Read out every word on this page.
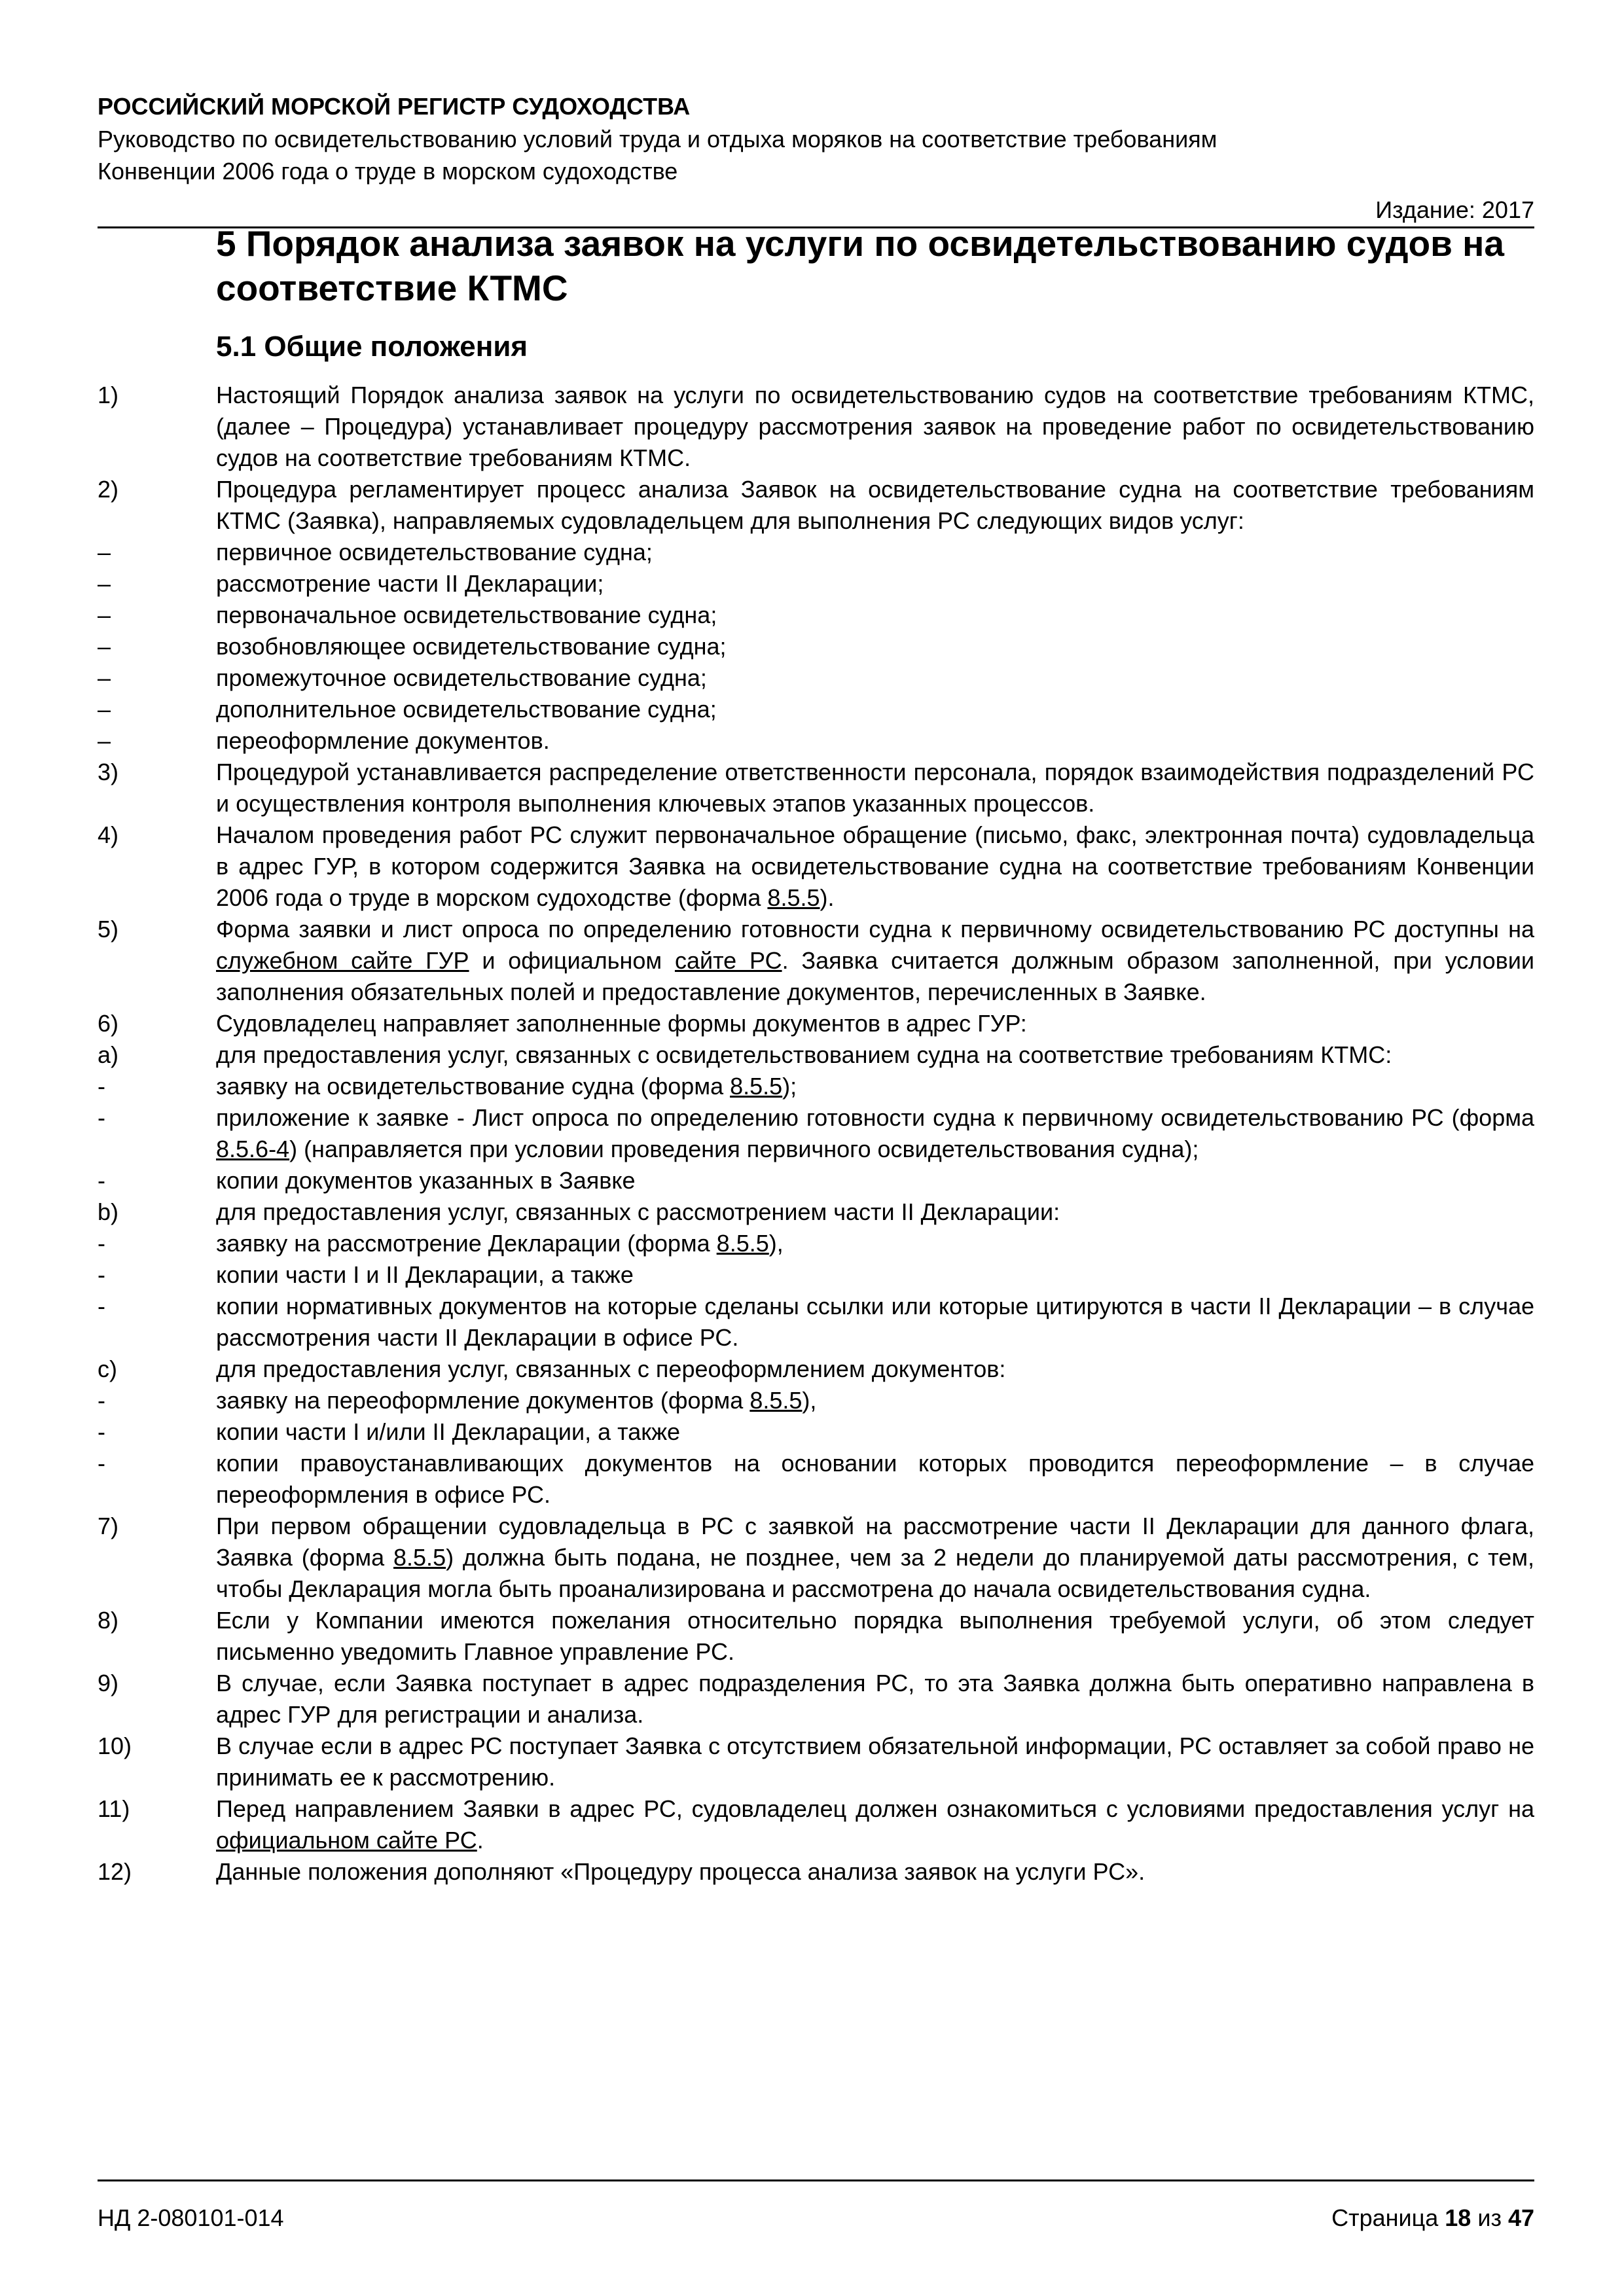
РОССИЙСКИЙ МОРСКОЙ РЕГИСТР СУДОХОДСТВА
Руководство по освидетельствованию условий труда и отдыха моряков на соответствие требованиям
Конвенции 2006 года о труде в морском судоходстве
Издание: 2017
5 Порядок анализа заявок на услуги по освидетельствованию судов на соответствие КТМС
5.1 Общие положения
1)	Настоящий Порядок анализа заявок на услуги по освидетельствованию судов на соответствие требованиям КТМС, (далее – Процедура) устанавливает процедуру рассмотрения заявок на проведение работ по освидетельствованию судов на соответствие требованиям КТМС.
2)	Процедура регламентирует процесс анализа Заявок на освидетельствование судна на соответствие требованиям КТМС (Заявка), направляемых судовладельцем для выполнения РС следующих видов услуг:
–	первичное освидетельствование судна;
–	рассмотрение части II Декларации;
–	первоначальное освидетельствование судна;
–	возобновляющее освидетельствование судна;
–	промежуточное освидетельствование судна;
–	дополнительное освидетельствование судна;
–	переоформление документов.
3)	Процедурой устанавливается распределение ответственности персонала, порядок взаимодействия подразделений РС и осуществления контроля выполнения ключевых этапов указанных процессов.
4)	Началом проведения работ РС служит первоначальное обращение (письмо, факс, электронная почта) судовладельца в адрес ГУР, в котором содержится Заявка на освидетельствование судна на соответствие требованиям Конвенции 2006 года о труде в морском судоходстве (форма 8.5.5).
5)	Форма заявки и лист опроса по определению готовности судна к первичному освидетельствованию РС доступны на служебном сайте ГУР и официальном сайте РС. Заявка считается должным образом заполненной, при условии заполнения обязательных полей и предоставление документов, перечисленных в Заявке.
6)	Судовладелец направляет заполненные формы документов в адрес ГУР:
a)	для предоставления услуг, связанных с освидетельствованием судна на соответствие требованиям КТМС:
-	заявку на освидетельствование судна (форма 8.5.5);
-	приложение к заявке - Лист опроса по определению готовности судна к первичному освидетельствованию РС (форма 8.5.6-4) (направляется при условии проведения первичного освидетельствования судна);
-	копии документов указанных в Заявке
b)	для предоставления услуг, связанных с рассмотрением части II Декларации:
-	заявку на рассмотрение Декларации (форма 8.5.5),
-	копии части I и II Декларации, а также
-	копии нормативных документов на которые сделаны ссылки или которые цитируются в части II Декларации – в случае рассмотрения части II Декларации в офисе РС.
c)	для предоставления услуг, связанных с переоформлением документов:
-	заявку на переоформление документов (форма 8.5.5),
-	копии части I и/или II Декларации, а также
-	копии правоустанавливающих документов на основании которых проводится переоформление – в случае переоформления в офисе РС.
7)	При первом обращении судовладельца в РС с заявкой на рассмотрение части II Декларации для данного флага, Заявка (форма 8.5.5) должна быть подана, не позднее, чем за 2 недели до планируемой даты рассмотрения, с тем, чтобы Декларация могла быть проанализирована и рассмотрена до начала освидетельствования судна.
8)	Если у Компании имеются пожелания относительно порядка выполнения требуемой услуги, об этом следует письменно уведомить Главное управление РС.
9)	В случае, если Заявка поступает в адрес подразделения РС, то эта Заявка должна быть оперативно направлена в адрес ГУР для регистрации и анализа.
10)	В случае если в адрес РС поступает Заявка с отсутствием обязательной информации, РС оставляет за собой право не принимать ее к рассмотрению.
11)	Перед направлением Заявки в адрес РС, судовладелец должен ознакомиться с условиями предоставления услуг на официальном сайте РС.
12)	Данные положения дополняют «Процедуру процесса анализа заявок на услуги РС».
НД 2-080101-014	Страница 18 из 47
